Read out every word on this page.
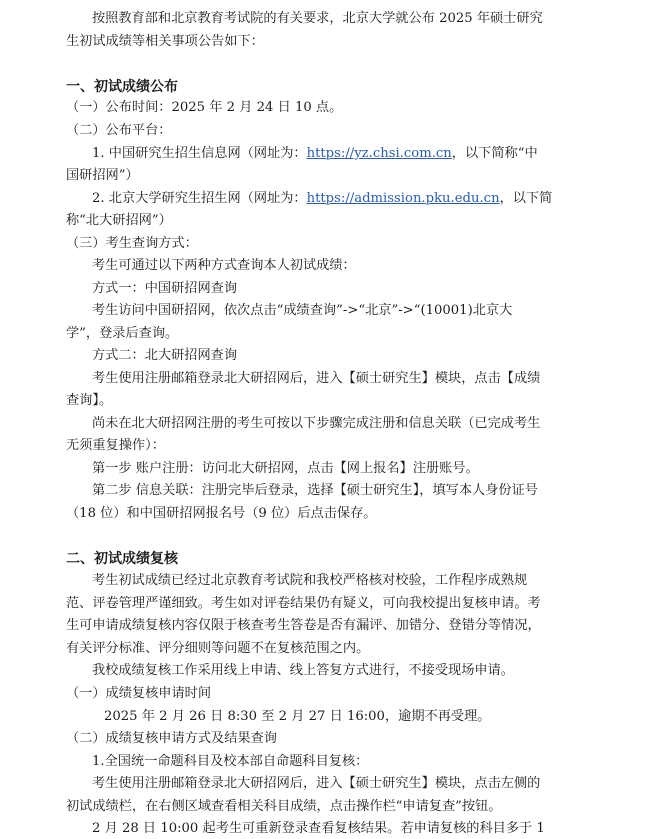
按照教育部和北京教育考试院的有关要求，北京大学就公布 2025 年硕士研究
生初试成绩等相关事项公告如下：
一、初试成绩公布
（一）公布时间：2025 年 2 月 24 日 10 点。
（二）公布平台：
1. 中国研究生招生信息网（网址为：https://yz.chsi.com.cn，以下简称“中
国研招网”）
2. 北京大学研究生招生网（网址为：https://admission.pku.edu.cn，以下简
称“北大研招网”）
（三）考生查询方式：
考生可通过以下两种方式查询本人初试成绩：
方式一：中国研招网查询
考生访问中国研招网，依次点击“成绩查询”->“北京”->“(10001)北京大
学”，登录后查询。
方式二：北大研招网查询
考生使用注册邮箱登录北大研招网后，进入【硕士研究生】模块，点击【成绩
查询】。
尚未在北大研招网注册的考生可按以下步骤完成注册和信息关联（已完成考生
无须重复操作）：
第一步 账户注册：访问北大研招网，点击【网上报名】注册账号。
第二步 信息关联：注册完毕后登录，选择【硕士研究生】，填写本人身份证号
（18 位）和中国研招网报名号（9 位）后点击保存。
二、初试成绩复核
考生初试成绩已经过北京教育考试院和我校严格核对校验，工作程序成熟规
范、评卷管理严谨细致。考生如对评卷结果仍有疑义，可向我校提出复核申请。考
生可申请成绩复核内容仅限于核查考生答卷是否有漏评、加错分、登错分等情况，
有关评分标准、评分细则等问题不在复核范围之内。
我校成绩复核工作采用线上申请、线上答复方式进行，不接受现场申请。
（一）成绩复核申请时间
2025 年 2 月 26 日 8:30 至 2 月 27 日 16:00，逾期不再受理。
（二）成绩复核申请方式及结果查询
1.全国统一命题科目及校本部自命题科目复核：
考生使用注册邮箱登录北大研招网后，进入【硕士研究生】模块，点击左侧的
初试成绩栏，在右侧区域查看相关科目成绩，点击操作栏“申请复查”按钮。
2 月 28 日 10:00 起考生可重新登录查看复核结果。若申请复核的科目多于 1
